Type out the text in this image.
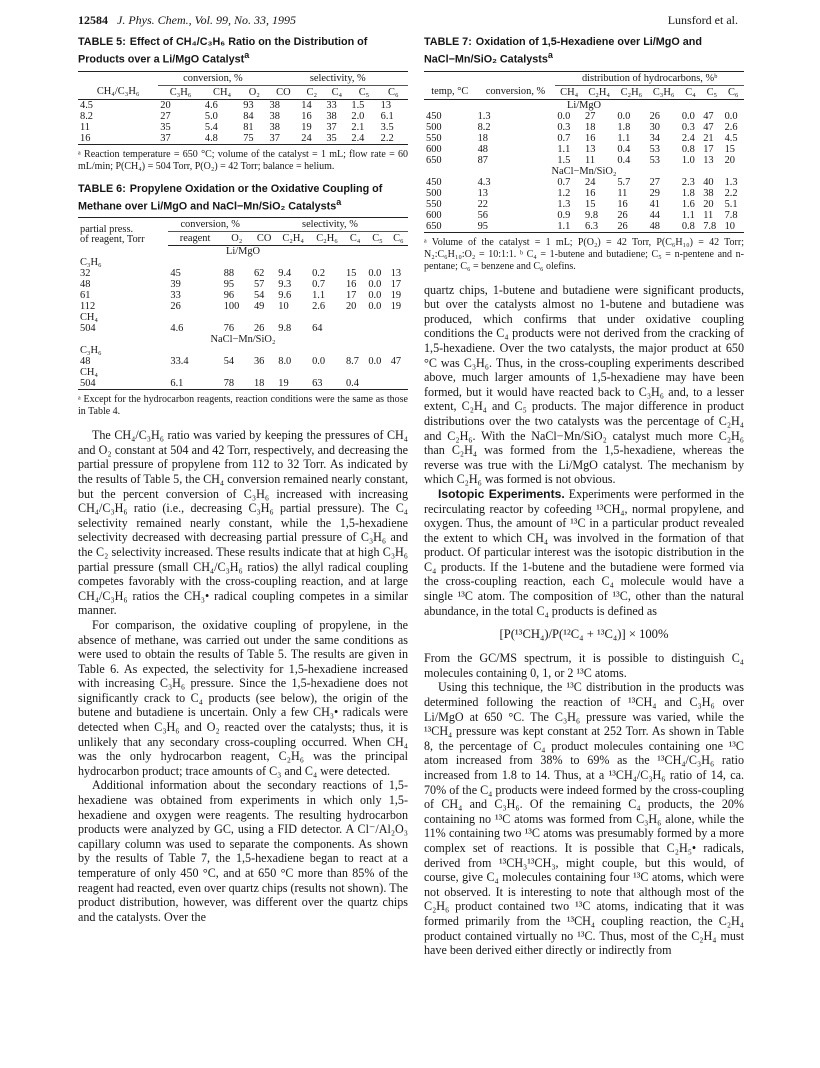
12584 J. Phys. Chem., Vol. 99, No. 33, 1995	Lunsford et al.

TABLE 5: Effect of CH₄/C₃H₆ Ratio on the Distribution of Products over a Li/MgO Catalyst$^a$

	conversion, %			selectivity, %				
CH₄/C₃H₆	C₃H₆	CH₄	O₂	CO	C₂	C₄	C₅	C₆
4.5	20	4.6	93	38	14	33	1.5	13
8.2	27	5.0	84	38	16	38	2.0	6.1
11	35	5.4	81	38	19	37	2.1	3.5
16	37	4.8	75	37	24	35	2.4	2.2
ᵃ Reaction temperature = 650 °C; volume of the catalyst = 1 mL; flow rate = 60 mL/min; P(CH₄) = 504 Torr, P(O₂) = 42 Torr; balance = helium.

TABLE 6: Propylene Oxidation or the Oxidative Coupling of Methane over Li/MgO and NaCl−Mn/SiO₂ Catalysts$^a$

partial press.
of reagent, Torr	conversion, %		selectivity, %					
	reagent	O₂	CO	C₂H₄	C₂H₆	C₄	C₅	C₆
Li/MgO								
C₃H₆								
32	45	88	62	9.4	0.2	15	0.0	13
48	39	95	57	9.3	0.7	16	0.0	17
61	33	96	54	9.6	1.1	17	0.0	19
112	26	100	49	10	2.6	20	0.0	19
CH₄								
504	4.6	76	26	9.8	64			
NaCl−Mn/SiO₂								
C₃H₆								
48	33.4	54	36	8.0	0.0	8.7	0.0	47
CH₄								
504	6.1	78	18	19	63	0.4		
ᵃ Except for the hydrocarbon reagents, reaction conditions were the same as those in Table 4.

The CH₄/C₃H₆ ratio was varied by keeping the pressures of CH₄ and O₂ constant at 504 and 42 Torr, respectively, and decreasing the partial pressure of propylene from 112 to 32 Torr. As indicated by the results of Table 5, the CH₄ conversion remained nearly constant, but the percent conversion of C₃H₆ increased with increasing CH₄/C₃H₆ ratio (i.e., decreasing C₃H₆ partial pressure). The C₄ selectivity remained nearly constant, while the 1,5-hexadiene selectivity decreased with decreasing partial pressure of C₃H₆ and the C₂ selectivity increased. These results indicate that at high C₃H₆ partial pressure (small CH₄/C₃H₆ ratios) the allyl radical coupling competes favorably with the cross-coupling reaction, and at large CH₄/C₃H₆ ratios the CH₃• radical coupling competes in a similar manner.

For comparison, the oxidative coupling of propylene, in the absence of methane, was carried out under the same conditions as were used to obtain the results of Table 5. The results are given in Table 6. As expected, the selectivity for 1,5-hexadiene increased with increasing C₃H₆ pressure. Since the 1,5-hexadiene does not significantly crack to C₄ products (see below), the origin of the butene and butadiene is uncertain. Only a few CH₃• radicals were detected when C₃H₆ and O₂ reacted over the catalysts; thus, it is unlikely that any secondary cross-coupling occurred. When CH₄ was the only hydrocarbon reagent, C₂H₆ was the principal hydrocarbon product; trace amounts of C₃ and C₄ were detected.

Additional information about the secondary reactions of 1,5-hexadiene was obtained from experiments in which only 1,5-hexadiene and oxygen were reagents. The resulting hydrocarbon products were analyzed by GC, using a FID detector. A Cl⁻/Al₂O₃ capillary column was used to separate the components. As shown by the results of Table 7, the 1,5-hexadiene began to react at a temperature of only 450 °C, and at 650 °C more than 85% of the reagent had reacted, even over quartz chips (results not shown). The product distribution, however, was different over the quartz chips and the catalysts. Over the

TABLE 7: Oxidation of 1,5-Hexadiene over Li/MgO and NaCl−Mn/SiO₂ Catalysts$^a$

		distribution of hydrocarbons, %ᵇ						
temp, °C	conversion, %	CH₄	C₂H₄	C₂H₆	C₃H₆	C₄	C₅	C₆
Li/MgO								
450	1.3	0.0	27	0.0	26	0.0	47	0.0
500	8.2	0.3	18	1.8	30	0.3	47	2.6
550	18	0.7	16	1.1	34	2.4	21	4.5
600	48	1.1	13	0.4	53	0.8	17	15
650	87	1.5	11	0.4	53	1.0	13	20
NaCl−Mn/SiO₂								
450	4.3	0.7	24	5.7	27	2.3	40	1.3
500	13	1.2	16	11	29	1.8	38	2.2
550	22	1.3	15	16	41	1.6	20	5.1
600	56	0.9	9.8	26	44	1.1	11	7.8
650	95	1.1	6.3	26	48	0.8	7.8	10
ᵃ Volume of the catalyst = 1 mL; P(O₂) = 42 Torr, P(C₆H₁₀) = 42 Torr; N₂:C₆H₁₀:O₂ = 10:1:1. ᵇ C₄ = 1-butene and butadiene; C₅ = n-pentene and n-pentane; C₆ = benzene and C₆ olefins.

quartz chips, 1-butene and butadiene were significant products, but over the catalysts almost no 1-butene and butadiene was produced, which confirms that under oxidative coupling conditions the C₄ products were not derived from the cracking of 1,5-hexadiene. Over the two catalysts, the major product at 650 °C was C₃H₆. Thus, in the cross-coupling experiments described above, much larger amounts of 1,5-hexadiene may have been formed, but it would have reacted back to C₃H₆ and, to a lesser extent, C₂H₄ and C₅ products. The major difference in product distributions over the two catalysts was the percentage of C₂H₄ and C₂H₆. With the NaCl−Mn/SiO₂ catalyst much more C₂H₆ than C₂H₄ was formed from the 1,5-hexadiene, whereas the reverse was true with the Li/MgO catalyst. The mechanism by which C₂H₆ was formed is not obvious.

Isotopic Experiments. Experiments were performed in the recirculating reactor by cofeeding ¹³CH₄, normal propylene, and oxygen. Thus, the amount of ¹³C in a particular product revealed the extent to which CH₄ was involved in the formation of that product. Of particular interest was the isotopic distribution in the C₄ products. If the 1-butene and the butadiene were formed via the cross-coupling reaction, each C₄ molecule would have a single ¹³C atom. The composition of ¹³C, other than the natural abundance, in the total C₄ products is defined as

[P(¹³CH₄)/P(¹²C₄ + ¹³C₄)] × 100%

From the GC/MS spectrum, it is possible to distinguish C₄ molecules containing 0, 1, or 2 ¹³C atoms.

Using this technique, the ¹³C distribution in the products was determined following the reaction of ¹³CH₄ and C₃H₆ over Li/MgO at 650 °C. The C₃H₆ pressure was varied, while the ¹³CH₄ pressure was kept constant at 252 Torr. As shown in Table 8, the percentage of C₄ product molecules containing one ¹³C atom increased from 38% to 69% as the ¹³CH₄/C₃H₆ ratio increased from 1.8 to 14. Thus, at a ¹³CH₄/C₃H₆ ratio of 14, ca. 70% of the C₄ products were indeed formed by the cross-coupling of CH₄ and C₃H₆. Of the remaining C₄ products, the 20% containing no ¹³C atoms was formed from C₃H₆ alone, while the 11% containing two ¹³C atoms was presumably formed by a more complex set of reactions. It is possible that C₂H₅• radicals, derived from ¹³CH₃¹³CH₃, might couple, but this would, of course, give C₄ molecules containing four ¹³C atoms, which were not observed. It is interesting to note that although most of the C₂H₆ product contained two ¹³C atoms, indicating that it was formed primarily from the ¹³CH₄ coupling reaction, the C₂H₄ product contained virtually no ¹³C. Thus, most of the C₂H₄ must have been derived either directly or indirectly from
